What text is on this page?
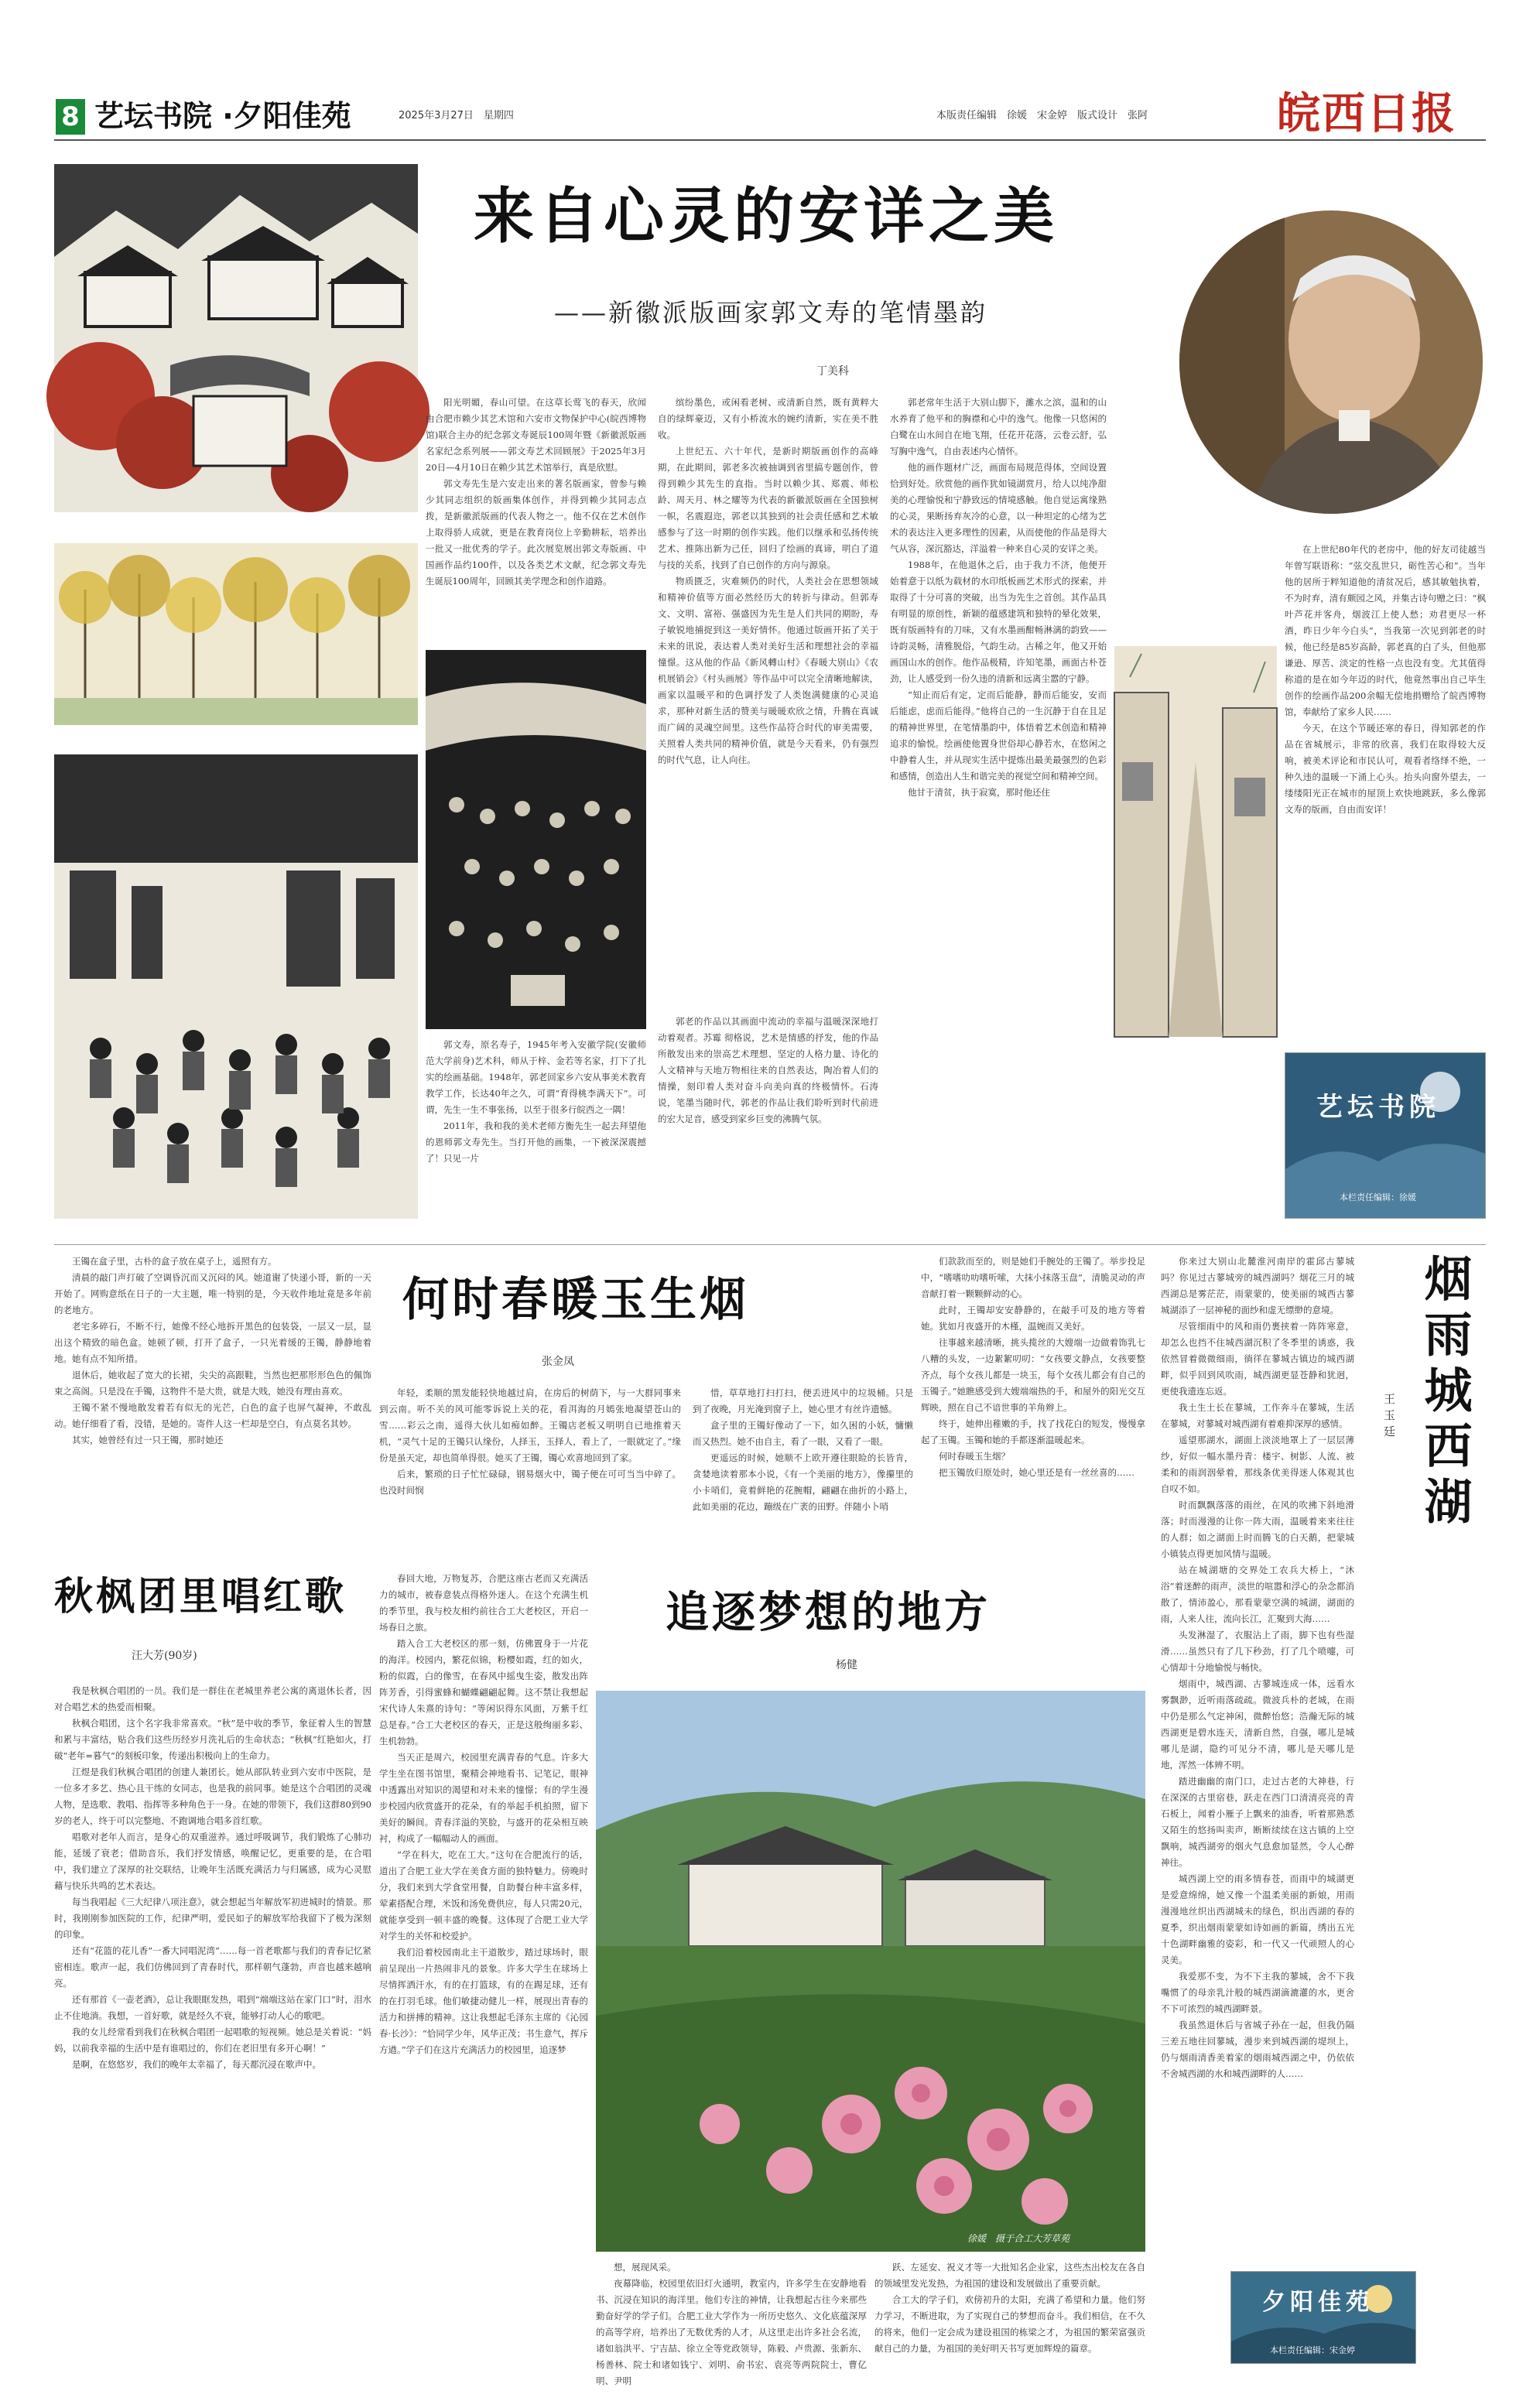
8 艺坛书院 ·夕阳佳苑	2025年3月27日　星期四	本版责任编辑　徐媛　宋金婷　版式设计　张阿	皖西日报
来自心灵的安详之美
——新徽派版画家郭文寿的笔情墨韵
丁美科

阳光明媚，春山可望。在这草长莺飞的春天，欣闻由合肥市赖少其艺术馆和六安市文物保护中心(皖西博物馆)联合主办的纪念郭文寿诞辰100周年暨《新徽派版画名家纪念系列展——郭文寿艺术回顾展》于2025年3月20日—4月10日在赖少其艺术馆举行，真是欣慰。

郭文寿先生是六安走出来的著名版画家，曾参与赖少其同志组织的版画集体创作，并得到赖少其同志点拨，是新徽派版画的代表人物之一。他不仅在艺术创作上取得骄人成就，更是在教育岗位上辛勤耕耘，培养出一批又一批优秀的学子。此次展览展出郭文寿版画、中国画作品约100件，以及各类艺术文献，纪念郭文寿先生诞辰100周年，回顾其美学理念和创作道路。

郭文寿，原名寿子，1945年考入安徽学院(安徽师范大学前身)艺术科，师从于梓、金若等名家，打下了扎实的绘画基础。1948年，郭老回家乡六安从事美术教育教学工作，长达40年之久，可谓“育得桃李满天下”。可谓，先生一生不事张扬，以至于很多行皖西之一隅！

2011年，我和我的美术老师方衡先生一起去拜望他的恩师郭文寿先生。当打开他的画集，一下被深深震撼了！只见一片

缤纷墨色，或闲看老树、或清新自然，既有黄粹大自的绿辉豪迈，又有小桥流水的婉约清新，实在美不胜收。

上世纪五、六十年代，是新时期版画创作的高峰期，在此期间，郭老多次被抽调到省里搞专题创作，曾得到赖少其先生的直指。当时以赖少其、郑震、师松龄、周天月、林之耀等为代表的新徽派版画在全国独树一帜，名震遐迩，郭老以其独到的社会责任感和艺术敏感参与了这一时期的创作实践。他们以继承和弘扬传统艺术、推陈出新为己任，回归了绘画的真谛，明白了道与技的关系，找到了自已创作的方向与源泉。

物质匮乏，灾难频仍的时代，人类社会在思想领域和精神价值等方面必然经历大的转折与律动。但郭寿文、文明、富裕、强盛因为先生是人们共同的期盼，寿子敏锐地捕捉到这一美好情怀。他通过版画开拓了关于未来的讯说，表达着人类对美好生活和理想社会的幸福憧憬。这从他的作品《新风轉山村》《春暖大别山》《农机展销会》《村头画展》等作品中可以完全清晰地解读，画家以温暖平和的色调抒发了人类饱满健康的心灵追求，那种对新生活的赞美与暖暖欢欣之情，升腾在真诚而广阔的灵魂空间里。这些作品符合时代的审美需要，关照着人类共同的精神价值，就是今天看来，仍有强烈的时代气息，让人向往。

郭老的作品以其画面中流动的幸福与温暖深深地打动着观者。苏霉 彻格说，艺术是情感的抒发，他的作品所散发出来的崇高艺术理想、坚定的人格力量、诗化的人文精神与天地万物相往来的自然表达，陶冶着人们的情操，刻印着人类对奋斗向美向真的终极情怀。石涛说，笔墨当随时代，郭老的作品让我们聆听到时代前进的宏大足音，感受到家乡巨变的沸腾气氛。

郭老常年生活于大别山脚下，濉水之滨，温和的山水养育了他平和的胸襟和心中的逸气。他像一只悠闲的白鹭在山水间自在地飞翔，任花开花落，云卷云舒，弘写胸中逸气，自由表述内心情怀。

他的画作题材广泛，画面布局规范得体，空间设置恰到好处。欣赏他的画作犹如镜湖赏月，给人以纯净甜美的心理愉悦和宁静致远的情境感触。他自觉运寓缘熟的心灵，果断扬弃灰冷的心意，以一种坦定的心绪为艺术的表达注入更多理性的因素，从而使他的作品是得大气从容，深沉豁达，洋溢着一种来自心灵的安详之美。

1988年，在他退休之后，由于我力不济，他便开始着意于以纸为载材的水印纸板画艺术形式的探索，并取得了十分可喜的突破，出当为先生之首创。其作品具有明显的原创性，新颖的蕴感建筑和独特的晕化效果，既有版画特有的刀味，又有水墨画酣畅淋漓的韵致——诗韵灵畅，清雅脱俗，气韵生动。古稀之年，他又开始画国山水的创作。他作品极精，许知笔墨，画面古朴苍劲，让人感受到一份久违的清新和远离尘嚣的宁静。

“知止而后有定，定而后能静，静而后能安，安而后能虑，虑而后能得。”他将自己的一生沉静于自在且足的精神世界里，在笔情墨韵中，体悟着艺术创造和精神追求的愉悦。绘画使他置身世俗却心静若水，在悠闲之中静着人生，并从现实生活中提炼出最美最强烈的色彩和感情，创造出人生和谐完美的视觉空间和精神空间。

他甘于清贫，执于寂寞，那时他还住

在上世纪80年代的老房中，他的好友司徒越当年曾写联语称：“弦交乱世只，砺性苦心和”。当年他的居所于粹知道他的清贫况后，感其敏勉执着，不为时弃，清有颇园之风，并集古诗句赠之曰：“枫叶芦花并客舟，烟波江上使人愁；劝君更尽一杯酒，昨日少年今白头”，当我第一次见到郭老的时候，他已经是85岁高龄，郭老真的白了头，但他那谦逊、厚苦、淡定的性格一点也没有变。尤其值得称道的是在如今年迈的时代，他竟然事出自己毕生创作的绘画作品200余幅无偿地捐赠给了皖西博物馆，奉献给了家乡人民……

今天，在这个节暖还寒的春日，得知郭老的作品在省城展示，非常的欣喜，我们在取得较大反响，被美术评论和市民认可，观看者络绎不绝，一种久违的温暖一下涌上心头。抬头向窗外望去，一缕缕阳光正在城市的屋顶上欢快地跳跃，多么像郭文寿的版画，自由而安详！

艺坛书院
本栏责任编辑：徐媛
何时春暖玉生烟
张金凤

王镯在盒子里，古朴的盒子放在桌子上，遥照有方。

清晨的敲门声打破了空调昏沉而又沉闷的风。她道谢了快递小哥，新的一天开始了。网购意纸在日子的一大主题，唯一特别的是，今天收件地址竟是多年前的老地方。

老宅多碎石，不断不行，她像不经心地拆开黑色的包装袋，一层又一层，显出这个精致的暗色盒。她顿了顿，打开了盒子，一只光着缓的王镯，静静地着地。她有点不知所措。

退休后，她收起了宽大的长裙，尖尖的高跟鞋，当然也把那形形色色的佩饰束之高阁。只是没在手镯，这物件不是大贵，就是大贱，她没有理由喜欢。

王镯不紧不慢地散发着若有似无的光芒，白色的盒子也屏气凝神，不敢乱动。她仔细看了看，没错，是她的。寄件人这一栏却是空白，有点莫名其妙。

其实，她曾经有过一只王镯，那时她还

年轻，柔顺的黑发能轻快地越过肩，在房后的树荫下，与一大群同事来到云南。听不关的风可能零诉说上关的花，看洱海的月嫣张地凝望苍山的雪……彩云之南，遥得大伙儿如痴如醉。王镯店老板又明明自已地推着天机，“灵气十足的王镯只认缘份，人择玉，玉择人，看上了，一眼就定了。”缘份是虽天定，却也简单得很。她买了王镯，镯心欢喜地回到了家。

后来，繁琐的日子忙忙碌碌，钢易烟火中，镯子便在可可当当中碎了。也没时间悯

惜，草草地打扫打扫，便丢进风中的垃圾桶。只是到了夜晚，月光淹到窗子上，她心里才有丝许遗憾。

盒子里的王镯好像动了一下，如久困的小妖，慵懒而又热烈。她不由自主，看了一眼，又看了一眼。

更遥远的时候，她顺不上欧开遵往眼睑的长皆肯，贪婪地读着那本小说，《有一个美丽的地方》，像攥里的小卡哨们，竟着鲜艳的花腕帽，翩翩在曲折的小路上，此如美丽的花边，蹦级在广袤的田野。伴随小卜哨

们款款而至的，则是她们手腕处的王镯了。举步投足中，“嗜嗜叻叻嗜听嗦，大抹小抹落玉盘”，清脆灵动的声音献打着一颗颗鲜动的心。

此时，王镯却安安静静的，在敲手可及的地方等着她。犹如月夜盛开的木槿，温婉而又美好。

往事越来越清晰，挑头揽丝的大嫂端一边做着饰乳七八糟的头发，一边絮絮叨叨：“女孩要文静点，女孩要整齐点，每个女孩儿都是一块玉，每个女孩儿都会有自己的玉镯子。”她瞧感受到大嫂端端热的手，和屋外的阳光交互辉映，照在自己不谙世事的羊角辫上。

终于，她伸出稚嫩的手，找了找花白的短发，慢慢拿起了玉镯。玉镯和她的手都逐渐温暖起来。

何时春暖玉生烟？

把玉镯放归原处时，她心里还是有一丝丝喜的……

你来过大别山北麓淮河南岸的霍邱古蓼城吗？你见过古蓼城旁的城西湖吗？烟花三月的城西湖总是雾茫茫，雨蒙蒙的，使美丽的城西古蓼城湖添了一层神秘的面纱和虚无缥缈的意境。

尽管细雨中的风和雨仍裹挟着一阵阵寒意，却怎么也挡不住城西湖沉积了冬季里的诱惑，我依然冒着微微细雨，徜徉在蓼城古镇边的城西湖畔，似乎回到风吹雨，城西湖更显苍静和犹迥，更使我遗连忘返。

我土生土长在蓼城，工作奔斗在蓼城，生活在蓼城，对蓼城对城西湖有着难抑深厚的感情。

遥望那湖水，湖面上淡淡地罩上了一层层薄纱，好似一幅水墨丹青：楼宇、树影、人流、被柔和的雨润洇晕着，那线条优美得迷人体观其也自叹不如。

时而飘飘落落的雨丝，在风的吹拂下斜地滑落；时而漫漫的让你一阵大雨，温暖着来来往往的人群；如之湖面上时而腾飞的白天鹅，把蒙城小镇装点得更加风情与温暖。

站在城湖塘的交界处工农兵大桥上，“沐浴”着迷醉的雨声，淡世的喧嚣和浮心的杂念都消散了，情沛盈心，那看蒙蒙空满的城湖，湖面的雨，人来人往，流向长江，汇聚到大海……

头发淋湿了，衣服沾上了雨，脚下也有些湿滑……虽然只有了几下秒劲，打了几个喷嚏，可心情却十分地愉悦与畅快。

烟雨中，城西湖、古蓼城连成一体，远看水雾飘渺，近听雨落疏疏。微波兵朴的老城，在雨中仍是那么气定神闲，微醉怡悠；浩瀚无际的城西湖更是碧水连天，清新自然，自强，哪儿是城哪儿是湖，隐约可见分不清，哪儿是天哪儿是地，浑然一体辨不明。

踏进幽幽的南门口，走过古老的大神巷，行在深深的古里宿巷，跃走在西门口清清亮亮的青石板上，闻着小雁子上飘来的油香，听着那熟悉又陌生的悠扬叫卖声，断断续续在这古镇的上空飘响，城西湖旁的烟火气息愈加显然，令人心醉神往。

城西湖上空的雨多情春苍，而雨中的城湖更是爱意绵绵，她又像一个温柔美丽的新娘，用雨漫漫地丝织出西湖城未的绿色，织出西湖的春的夏季，织出烟雨蒙蒙如诗如画的新篇，绣出五光十色湖畔幽雅的姿彩，和一代又一代顽照人的心灵美。

我爱那不变，为不下主我的蓼城，舍不下我嘴惯了的母亲乳汁般的城西湖滴漉灌的水，更舍不下可浓烈的城西湖畔景。

我虽然退休后与省城子孙在一起，但我仍隔三差五地往回蓼城，漫步来到城西湖的堤坝上，仍与烟雨清香美着家的烟雨城西湖之中，仍依依不舍城西湖的水和城西湖畔的人……

烟雨城西湖
王玉廷
秋枫团里唱红歌
汪大芳(90岁)

我是秋枫合唱团的一员。我们是一群住在老城里养老公寓的离退休长者，因对合唱艺术的热爱而相聚。

秋枫合唱团，这个名字我非常喜欢。“秋”是中收的季节，象征着人生的智慧和累与丰富结，贴合我们这些历经岁月洗礼后的生命状态；“秋枫”红艳如火，打破“老年=暮气”的刻板印象，传递出积极向上的生命力。

江煜是我们秋枫合唱团的创建人兼团长。她从部队转业到六安市中医院，是一位多才多艺、热心且干练的女同志，也是我的前同事。她是这个合唱团的灵魂人物，是选歌、教唱、指挥等多种角色于一身。在她的带领下，我们这群80到90岁的老人，终于可以完整地、不跑调地合唱多首红歌。

唱歌对老年人而言，是身心的双重滋养。通过呼吸调节，我们锻炼了心肺功能，延缓了衰老；借助音乐，我们抒发情感，唤醒记忆，更重要的是，在合唱中，我们建立了深厚的社交联结，让晚年生活既充满活力与归属感，成为心灵慰藉与快乐共鸣的艺术表达。

每当我唱起《三大纪律八项注意》，就会想起当年解放军初进城时的情景。那时，我刚刚参加医院的工作，纪律严明，爱民如子的解放军给我留下了极为深刻的印象。

还有“花篮的花儿香”一番大同唱泥湾”……每一首老歌都与我们的青春记忆紧密相连。歌声一起，我们仿佛回到了青春时代，那样朝气蓬勃，声音也越来越响亮。

还有那首《一壶老酒》，总让我眼眶发热，唱到“端端这站在家门口”时，泪水止不住地淌。我想，一首好歌，就是经久不衰，能够打动人心的歌吧。

我的女儿经常看到我们在秋枫合唱团一起唱歌的短视频。她总是关着说：“妈妈，以前我幸福的生活中是有谁唱过的，你们在老旧里有多开心啊！”

是啊，在悠悠岁，我们的晚年太幸福了，每天都沉浸在歌声中。

追逐梦想的地方
杨健

春回大地，万物复苏，合肥这座古老而又充满活力的城市，被春意装点得格外迷人。在这个充满生机的季节里，我与校友相约前往合工大老校区，开启一场春日之旅。

踏入合工大老校区的那一刻，仿佛置身于一片花的海洋。校园内，繁花似锦，粉樱如霞，红的如火，粉的似霞，白的像雪，在春风中摇曳生姿，散发出阵阵芳香，引得蜜蜂和蝴蝶翩翩起舞。这不禁让我想起宋代诗人朱熹的诗句：“等闲识得东风面，万紫千红总是春。”合工大老校区的春天，正是这般绚丽多彩、生机勃勃。

当天正是周六，校园里充满青春的气息。许多大学生坐在图书馆里，聚精会神地看书、记笔记，眼神中透露出对知识的渴望和对未来的憧憬；有的学生漫步校园内欣赏盛开的花朵，有的举起手机拍照，留下美好的瞬间。青春洋溢的笑脸，与盛开的花朵相互映衬，构成了一幅幅动人的画面。

“学在科大，吃在工大。”这句在合肥流行的话，道出了合肥工业大学在美食方面的独特魅力。傍晚时分，我们来到大学食堂用餐，自助餐台种丰富多样，荤素搭配合理，米饭和汤免费供应，每人只需20元，就能享受到一顿丰盛的晚餐。这体现了合肥工业大学对学生的关怀和校爱护。

我们沿着校园南北主干道散步，踏过球场时，眼前呈现出一片热闹非凡的景象。许多大学生在球场上尽情挥洒汗水，有的在打篮球，有的在踢足球，还有的在打羽毛球。他们敏捷动健儿一样，展现出青春的活力和拼搏的精神。这让我想起毛泽东主席的《沁园春·长沙》：“恰同学少年，风华正茂；书生意气，挥斥方遒。”学子们在这片充满活力的校园里，追逐梦

徐媛　摄于合工大芳草苑

想，展现风采。

夜幕降临，校园里依旧灯火通明，教室内，许多学生在安静地看书、沉浸在知识的海洋里。他们专注的神情，让我想起古往今来那些勤奋好学的学子们。合肥工业大学作为一所历史悠久、文化底蕴深厚的高等学府，培养出了无数优秀的人才，从这里走出许多社会名流，诸如翁洪平、宁吉喆、徐立全等党政领导，陈毅、卢贵源、张新东、杨善林、院士和诸如钱宁、刘明、俞书宏、袁亮等两院院士，曹亿明、尹明

跃、左延安、祝义才等一大批知名企业家，这些杰出校友在各自的领域里发光发热，为祖国的建设和发展做出了重要贡献。

合工大的学子们，欢傍初升的太阳，充满了希望和力量。他们努力学习，不断进取，为了实现自己的梦想而奋斗。我们相信，在不久的将来，他们一定会成为建设祖国的栋梁之才，为祖国的繁荣富强贡献自己的力量，为祖国的美好明天书写更加辉煌的篇章。

夕阳佳苑
本栏责任编辑：宋金婷
